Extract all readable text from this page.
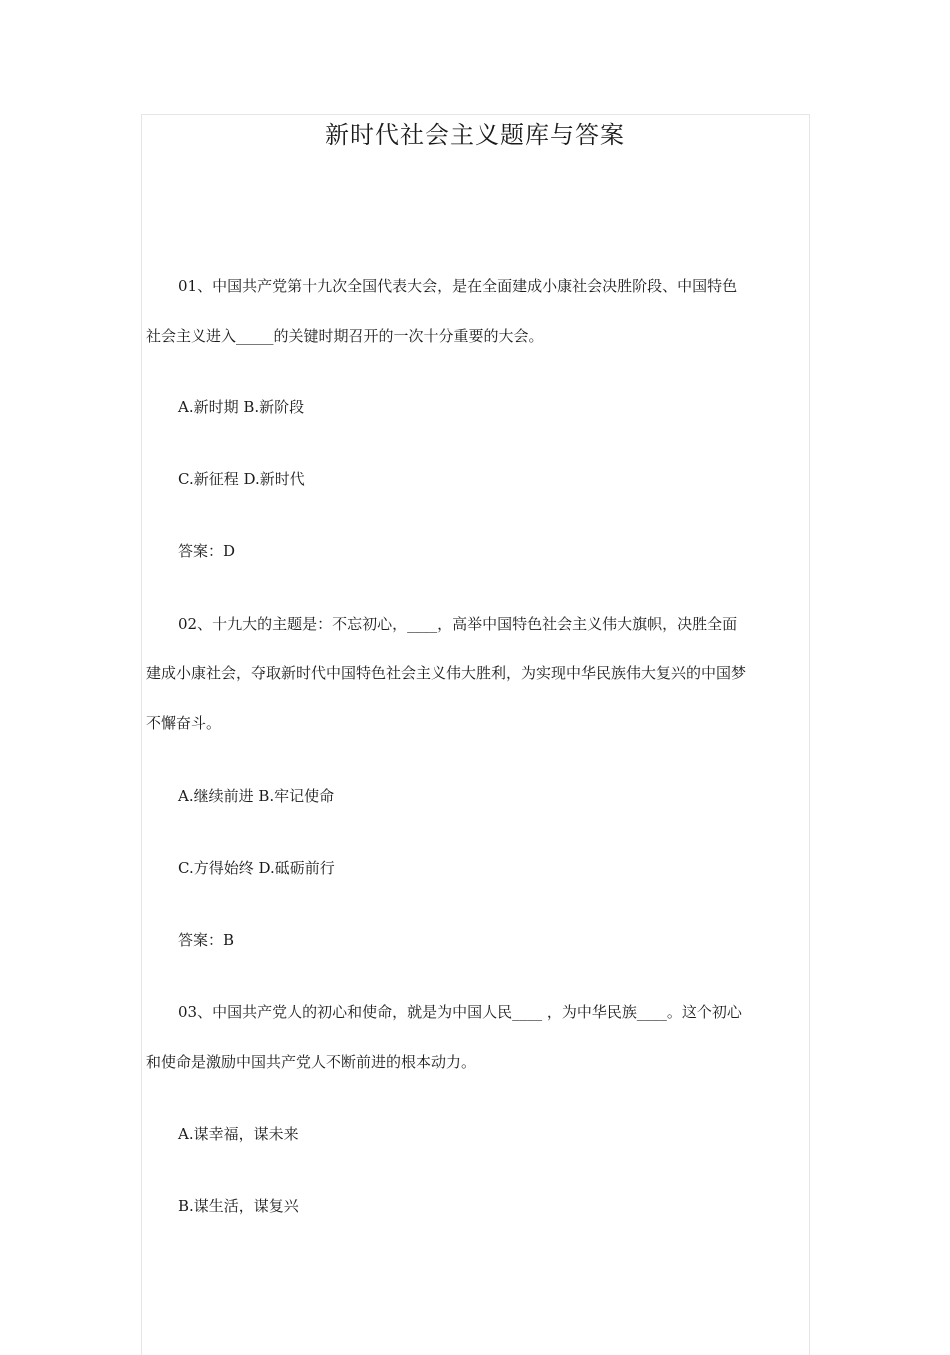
新时代社会主义题库与答案
01、中国共产党第十九次全国代表大会，是在全面建成小康社会决胜阶段、中国特色
社会主义进入_____的关键时期召开的一次十分重要的大会。
A.新时期 B.新阶段
C.新征程 D.新时代
答案：D
02、十九大的主题是：不忘初心，____，高举中国特色社会主义伟大旗帜，决胜全面
建成小康社会，夺取新时代中国特色社会主义伟大胜利，为实现中华民族伟大复兴的中国梦
不懈奋斗。
A.继续前进 B.牢记使命
C.方得始终 D.砥砺前行
答案：B
03、中国共产党人的初心和使命，就是为中国人民____ ，为中华民族____。这个初心
和使命是激励中国共产党人不断前进的根本动力。
A.谋幸福，谋未来
B.谋生活，谋复兴
